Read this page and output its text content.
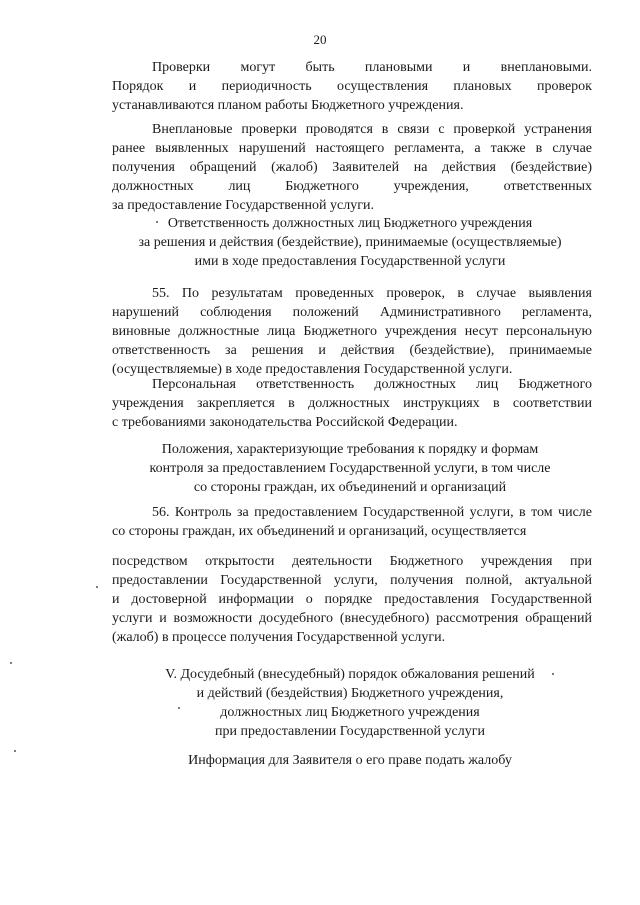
20
Проверки могут быть плановыми и внеплановыми.
Порядок и периодичность осуществления плановых проверок
устанавливаются планом работы Бюджетного учреждения.
Внеплановые проверки проводятся в связи с проверкой устранения
ранее выявленных нарушений настоящего регламента, а также в случае
получения обращений (жалоб) Заявителей на действия (бездействие)
должностных лиц Бюджетного учреждения, ответственных
за предоставление Государственной услуги.
Ответственность должностных лиц Бюджетного учреждения
за решения и действия (бездействие), принимаемые (осуществляемые)
ими в ходе предоставления Государственной услуги
55. По результатам проведенных проверок, в случае выявления
нарушений соблюдения положений Административного регламента,
виновные должностные лица Бюджетного учреждения несут персональную
ответственность за решения и действия (бездействие), принимаемые
(осуществляемые) в ходе предоставления Государственной услуги.
Персональная ответственность должностных лиц Бюджетного
учреждения закрепляется в должностных инструкциях в соответствии
с требованиями законодательства Российской Федерации.
Положения, характеризующие требования к порядку и формам
контроля за предоставлением Государственной услуги, в том числе
со стороны граждан, их объединений и организаций
56. Контроль за предоставлением Государственной услуги, в том числе
со стороны граждан, их объединений и организаций, осуществляется
посредством открытости деятельности Бюджетного учреждения при
предоставлении Государственной услуги, получения полной, актуальной
и достоверной информации о порядке предоставления Государственной
услуги и возможности досудебного (внесудебного) рассмотрения обращений
(жалоб) в процессе получения Государственной услуги.
V. Досудебный (внесудебный) порядок обжалования решений
и действий (бездействия) Бюджетного учреждения,
должностных лиц Бюджетного учреждения
при предоставлении Государственной услуги
Информация для Заявителя о его праве подать жалобу
